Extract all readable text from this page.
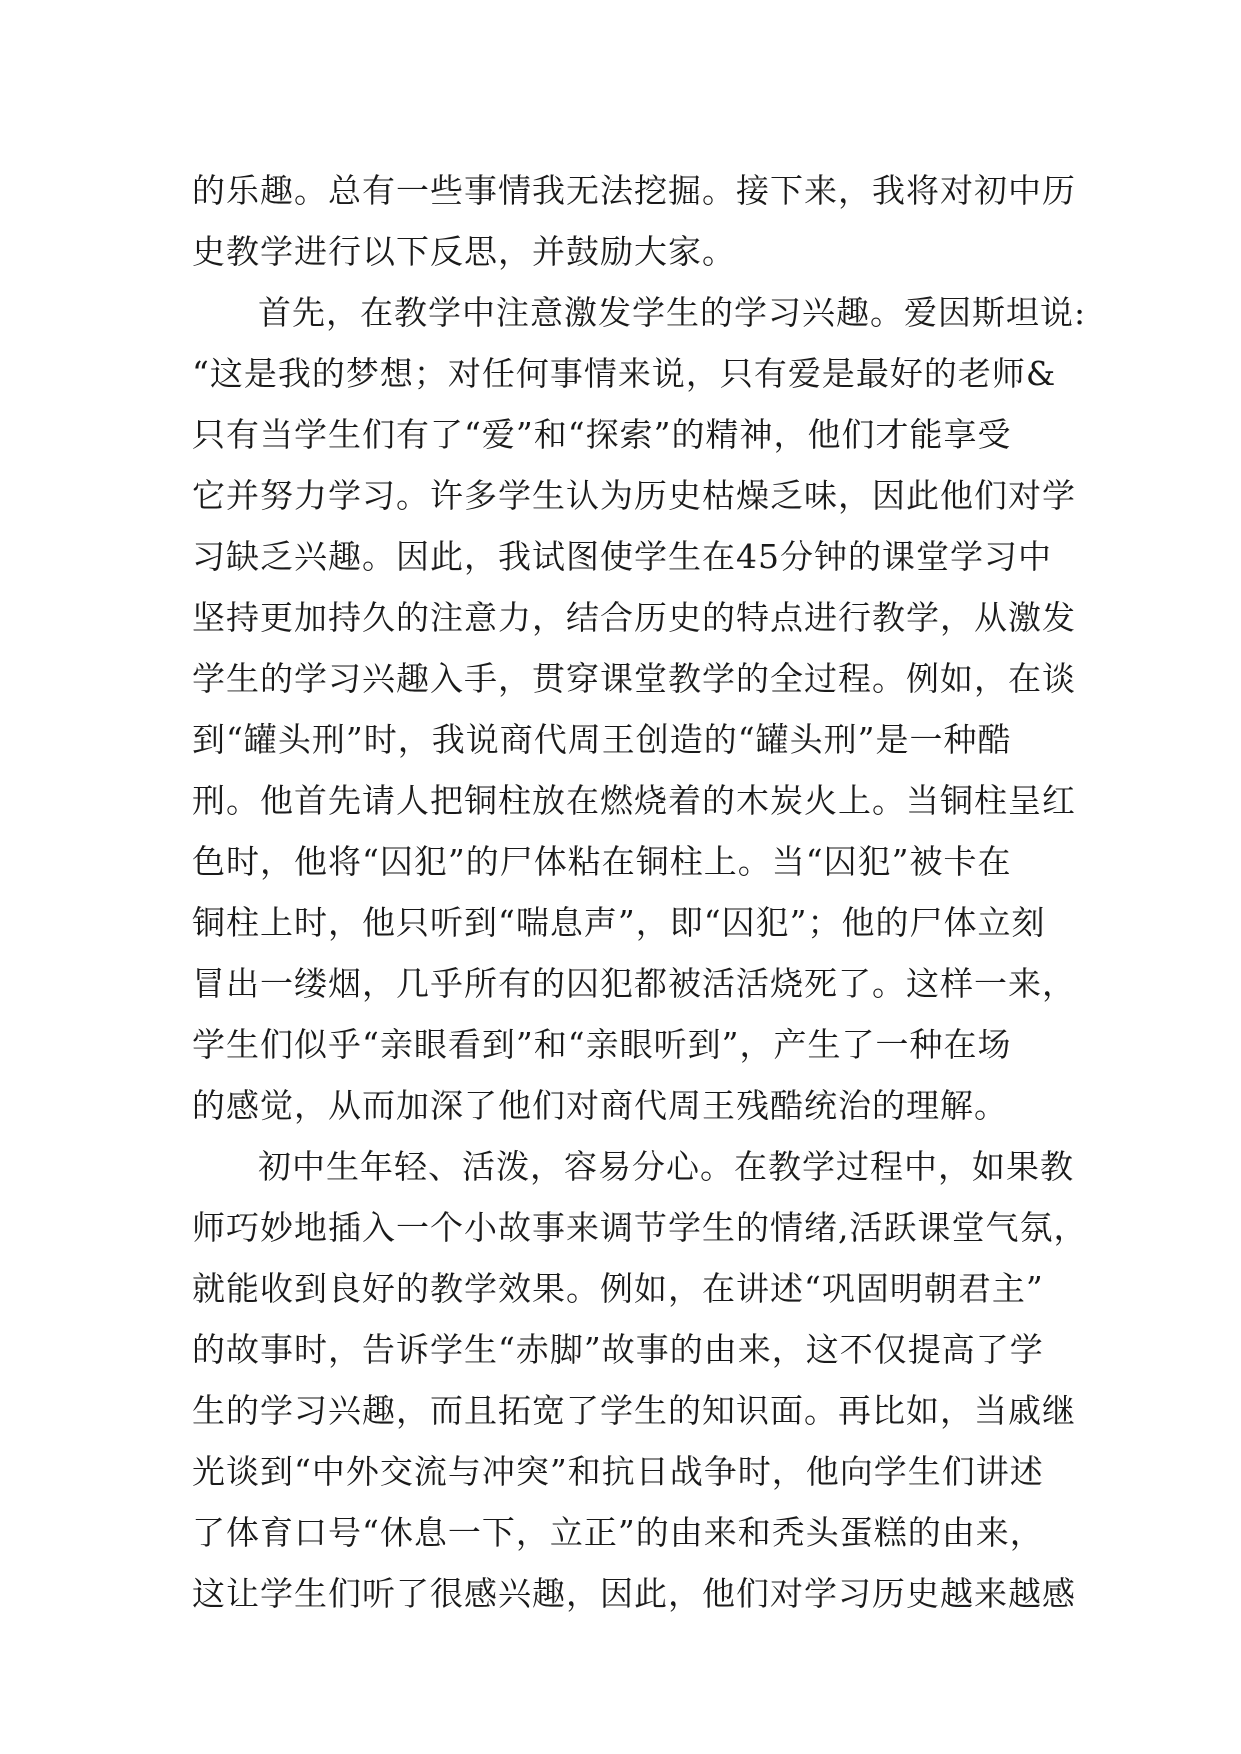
的乐趣。总有一些事情我无法挖掘。接下来，我将对初中历
史教学进行以下反思，并鼓励大家。
首先，在教学中注意激发学生的学习兴趣。爱因斯坦说:
“这是我的梦想；对任何事情来说，只有爱是最好的老师&
只有当学生们有了“爱”和“探索”的精神，他们才能享受
它并努力学习。许多学生认为历史枯燥乏味，因此他们对学
习缺乏兴趣。因此，我试图使学生在45分钟的课堂学习中
坚持更加持久的注意力，结合历史的特点进行教学，从激发
学生的学习兴趣入手，贯穿课堂教学的全过程。例如，在谈
到“罐头刑”时，我说商代周王创造的“罐头刑”是一种酷
刑。他首先请人把铜柱放在燃烧着的木炭火上。当铜柱呈红
色时，他将“囚犯”的尸体粘在铜柱上。当“囚犯”被卡在
铜柱上时，他只听到“喘息声”，即“囚犯”；他的尸体立刻
冒出一缕烟，几乎所有的囚犯都被活活烧死了。这样一来，
学生们似乎“亲眼看到”和“亲眼听到”，产生了一种在场
的感觉，从而加深了他们对商代周王残酷统治的理解。
初中生年轻、活泼，容易分心。在教学过程中，如果教
师巧妙地插入一个小故事来调节学生的情绪,活跃课堂气氛，
就能收到良好的教学效果。例如，在讲述“巩固明朝君主”
的故事时，告诉学生“赤脚”故事的由来，这不仅提高了学
生的学习兴趣，而且拓宽了学生的知识面。再比如，当戚继
光谈到“中外交流与冲突”和抗日战争时，他向学生们讲述
了体育口号“休息一下，立正”的由来和秃头蛋糕的由来，
这让学生们听了很感兴趣，因此，他们对学习历史越来越感
